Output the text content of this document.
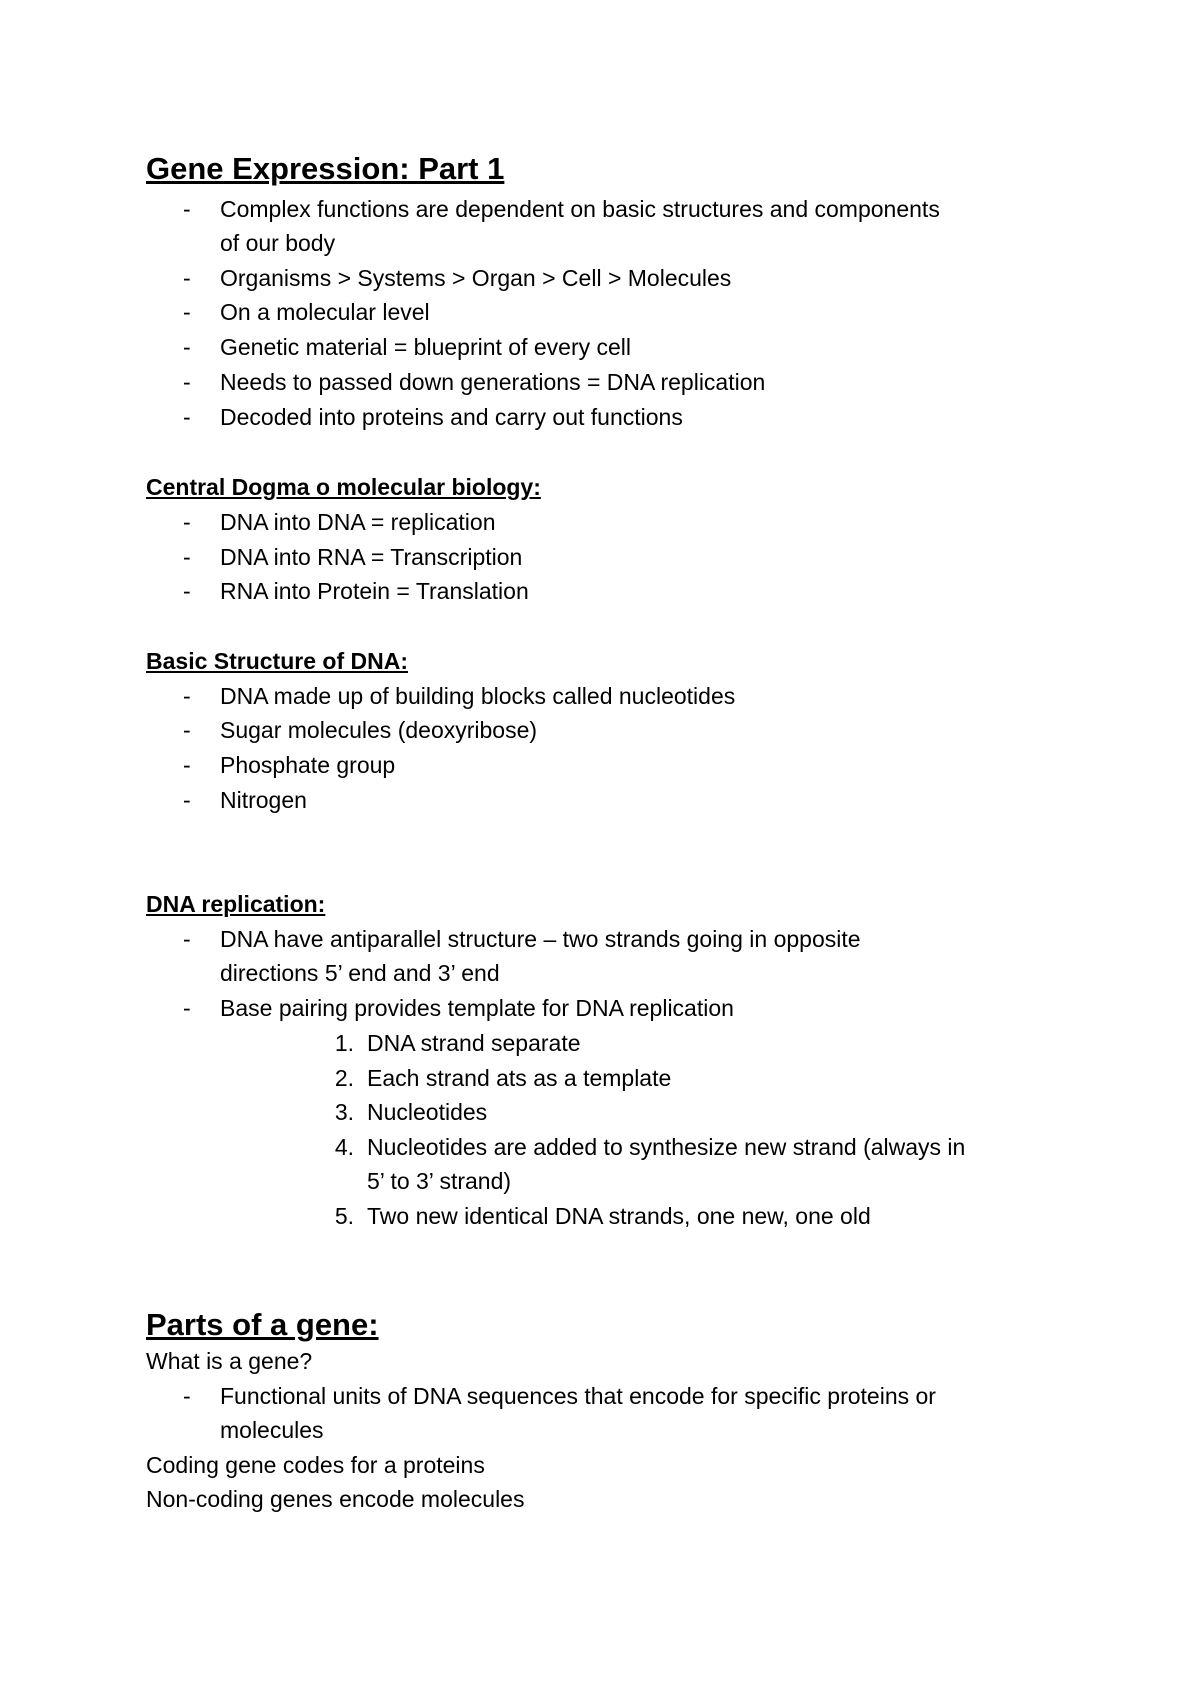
Gene Expression: Part 1
- Complex functions are dependent on basic structures and components
of our body
- Organisms > Systems > Organ > Cell > Molecules
- On a molecular level
- Genetic material = blueprint of every cell
- Needs to passed down generations = DNA replication
- Decoded into proteins and carry out functions
Central Dogma o molecular biology:
- DNA into DNA = replication
- DNA into RNA = Transcription
- RNA into Protein = Translation
Basic Structure of DNA:
- DNA made up of building blocks called nucleotides
- Sugar molecules (deoxyribose)
- Phosphate group
- Nitrogen
DNA replication:
- DNA have antiparallel structure – two strands going in opposite
directions 5’ end and 3’ end
- Base pairing provides template for DNA replication
1. DNA strand separate
2. Each strand ats as a template
3. Nucleotides
4. Nucleotides are added to synthesize new strand (always in
5’ to 3’ strand)
5. Two new identical DNA strands, one new, one old
Parts of a gene:
What is a gene?
- Functional units of DNA sequences that encode for specific proteins or
molecules
Coding gene codes for a proteins
Non-coding genes encode molecules
